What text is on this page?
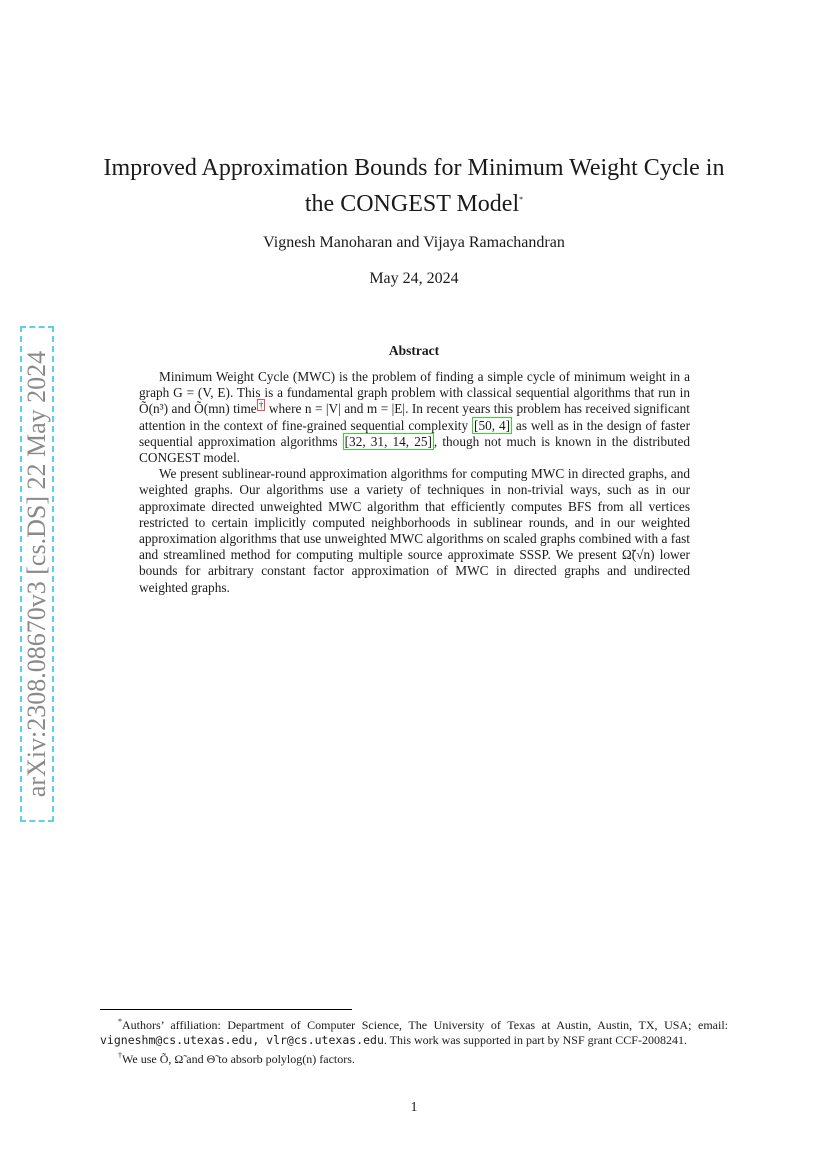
arXiv:2308.08670v3 [cs.DS] 22 May 2024
Improved Approximation Bounds for Minimum Weight Cycle in
the CONGEST Model*
Vignesh Manoharan and Vijaya Ramachandran
May 24, 2024
Abstract

Minimum Weight Cycle (MWC) is the problem of finding a simple cycle of minimum weight in a graph G = (V, E). This is a fundamental graph problem with classical sequential algorithms that run in Õ(n³) and Õ(mn) time † where n = |V| and m = |E|. In recent years this problem has received significant attention in the context of fine-grained sequential complexity [50, 4] as well as in the design of faster sequential approximation algorithms [32, 31, 14, 25] , though not much is known in the distributed CONGEST model.

We present sublinear-round approximation algorithms for computing MWC in directed graphs, and weighted graphs. Our algorithms use a variety of techniques in non-trivial ways, such as in our approximate directed unweighted MWC algorithm that efficiently computes BFS from all vertices restricted to certain implicitly computed neighborhoods in sublinear rounds, and in our weighted approximation algorithms that use unweighted MWC algorithms on scaled graphs combined with a fast and streamlined method for computing multiple source approximate SSSP. We present Ω̃(√n) lower bounds for arbitrary constant factor approximation of MWC in directed graphs and undirected weighted graphs.

*Authors’ affiliation: Department of Computer Science, The University of Texas at Austin, Austin, TX, USA; email: vigneshm@cs.utexas.edu, vlr@cs.utexas.edu. This work was supported in part by NSF grant CCF-2008241.

†We use Õ, Ω̃ and Θ̃ to absorb polylog(n) factors.

1
